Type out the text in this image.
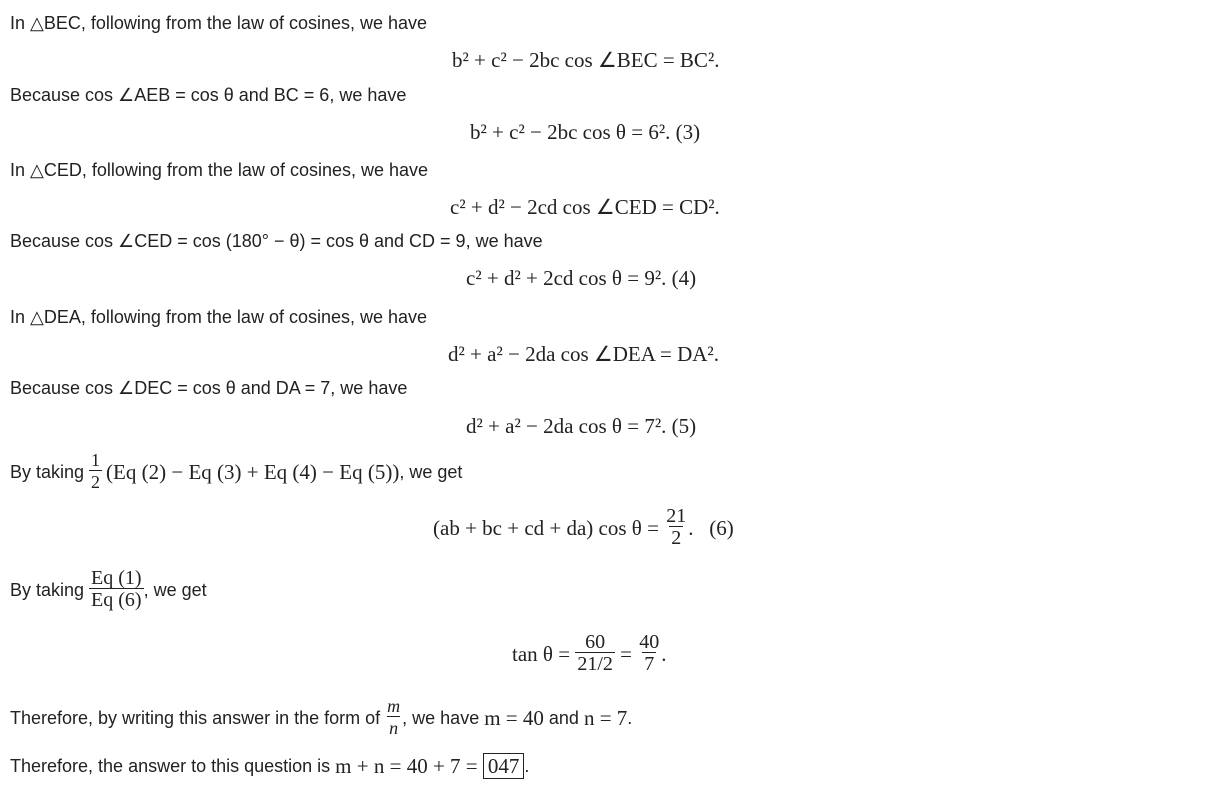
In △BEC, following from the law of cosines, we have
b² + c² − 2bc cos ∠BEC = BC².
Because cos ∠AEB = cos θ and BC = 6, we have
b² + c² − 2bc cos θ = 6². (3)
In △CED, following from the law of cosines, we have
c² + d² − 2cd cos ∠CED = CD².
Because cos ∠CED = cos (180° − θ) = cos θ and CD = 9, we have
c² + d² + 2cd cos θ = 9². (4)
In △DEA, following from the law of cosines, we have
d² + a² − 2da cos ∠DEA = DA².
Because cos ∠DEC = cos θ and DA = 7, we have
d² + a² − 2da cos θ = 7². (5)
By taking $\frac{1}{2} (Eq$ (2) − Eq (3) + Eq (4) − Eq (5)) , we get
(ab + bc + cd + da) $\cos \theta = \frac{21}{2}$ .   (6)
By taking $\frac{Eq (1)}{Eq (6)}$ , we get
$\tan \theta = \frac{60}{21/2} = \frac{40}{7}$ .
Therefore, by writing this answer in the form of $\frac{m}{n}$ , we have m = 40 and n = 7 .
Therefore, the answer to this question is m + n = 40 + 7 = 047 .
